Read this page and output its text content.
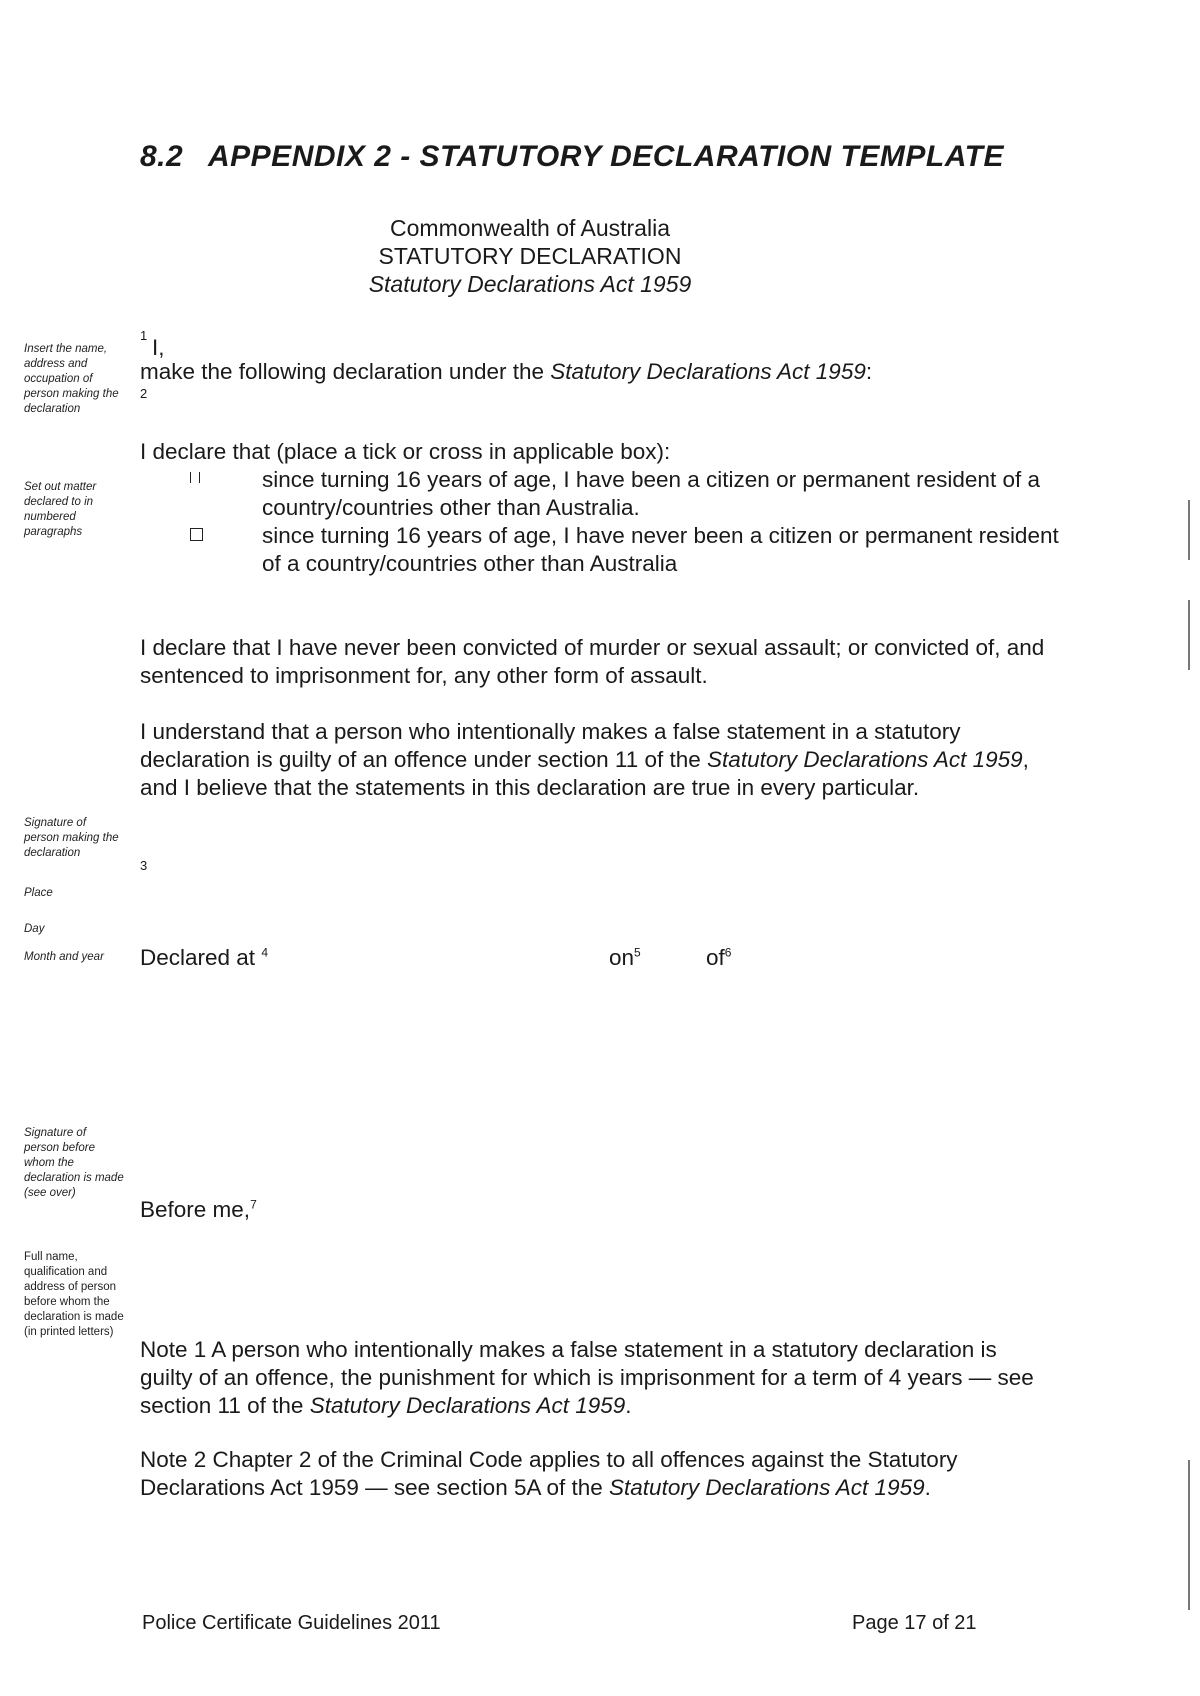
8.2 APPENDIX 2 - STATUTORY DECLARATION TEMPLATE
Commonwealth of Australia
STATUTORY DECLARATION
Statutory Declarations Act 1959
Insert the name, address and occupation of person making the declaration
Set out matter declared to in numbered paragraphs
Signature of person making the declaration
Place
Day
Month and year
Signature of person before whom the declaration is made (see over)
Full name, qualification and address of person before whom the declaration is made (in printed letters)
1 I,
make the following declaration under the Statutory Declarations Act 1959:
2
I declare that (place a tick or cross in applicable box):
since turning 16 years of age, I have been a citizen or permanent resident of a country/countries other than Australia.
since turning 16 years of age, I have never been a citizen or permanent resident of a country/countries other than Australia
I declare that I have never been convicted of murder or sexual assault; or convicted of, and sentenced to imprisonment for, any other form of assault.
I understand that a person who intentionally makes a false statement in a statutory declaration is guilty of an offence under section 11 of the Statutory Declarations Act 1959, and I believe that the statements in this declaration are true in every particular.
3
Declared at $^4$	$on^5$	$of^6$
Before me,$^7$
Note 1 A person who intentionally makes a false statement in a statutory declaration is guilty of an offence, the punishment for which is imprisonment for a term of 4 years — see section 11 of the Statutory Declarations Act 1959.
Note 2 Chapter 2 of the Criminal Code applies to all offences against the Statutory Declarations Act 1959 — see section 5A of the Statutory Declarations Act 1959.
Police Certificate Guidelines 2011	Page 17 of 21
